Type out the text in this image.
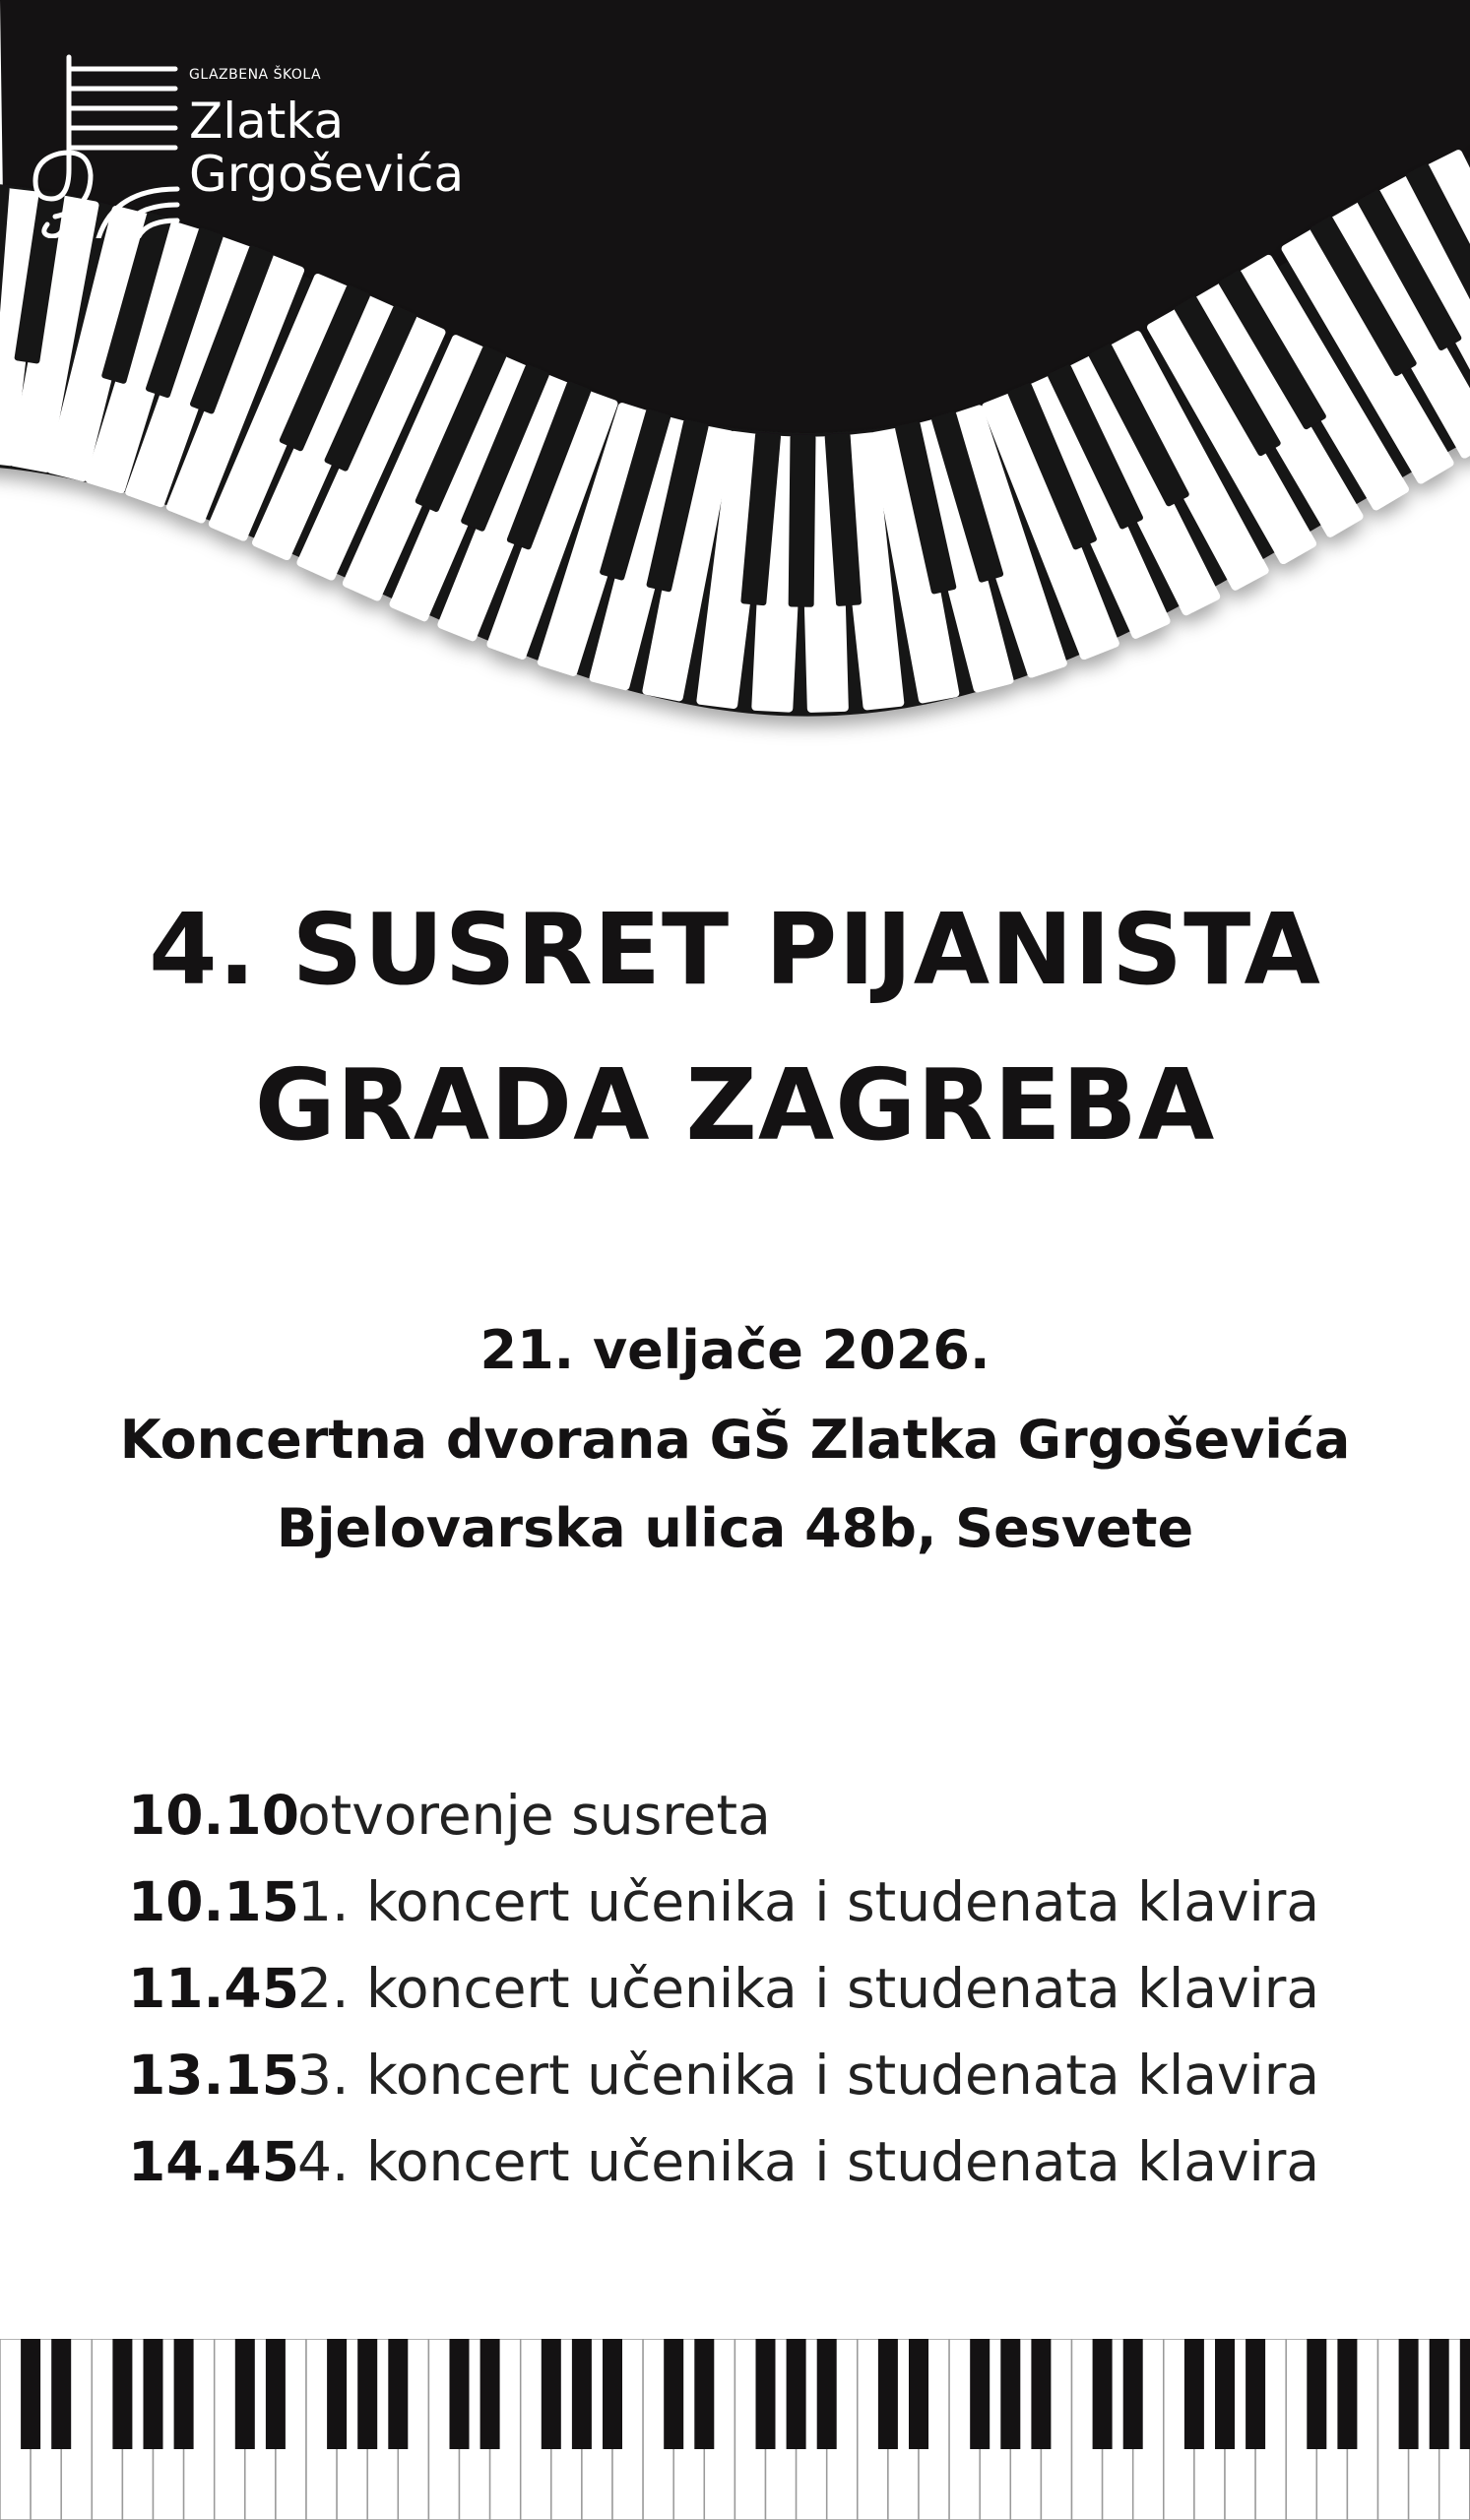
GLAZBENA ŠKOLA
Zlatka
Grgoševića
4. SUSRET PIJANISTA
GRADA ZAGREBA
21. veljače 2026.
Koncertna dvorana GŠ Zlatka Grgoševića
Bjelovarska ulica 48b, Sesvete
10.10otvorenje susreta
10.151. koncert učenika i studenata klavira
11.452. koncert učenika i studenata klavira
13.153. koncert učenika i studenata klavira
14.454. koncert učenika i studenata klavira
